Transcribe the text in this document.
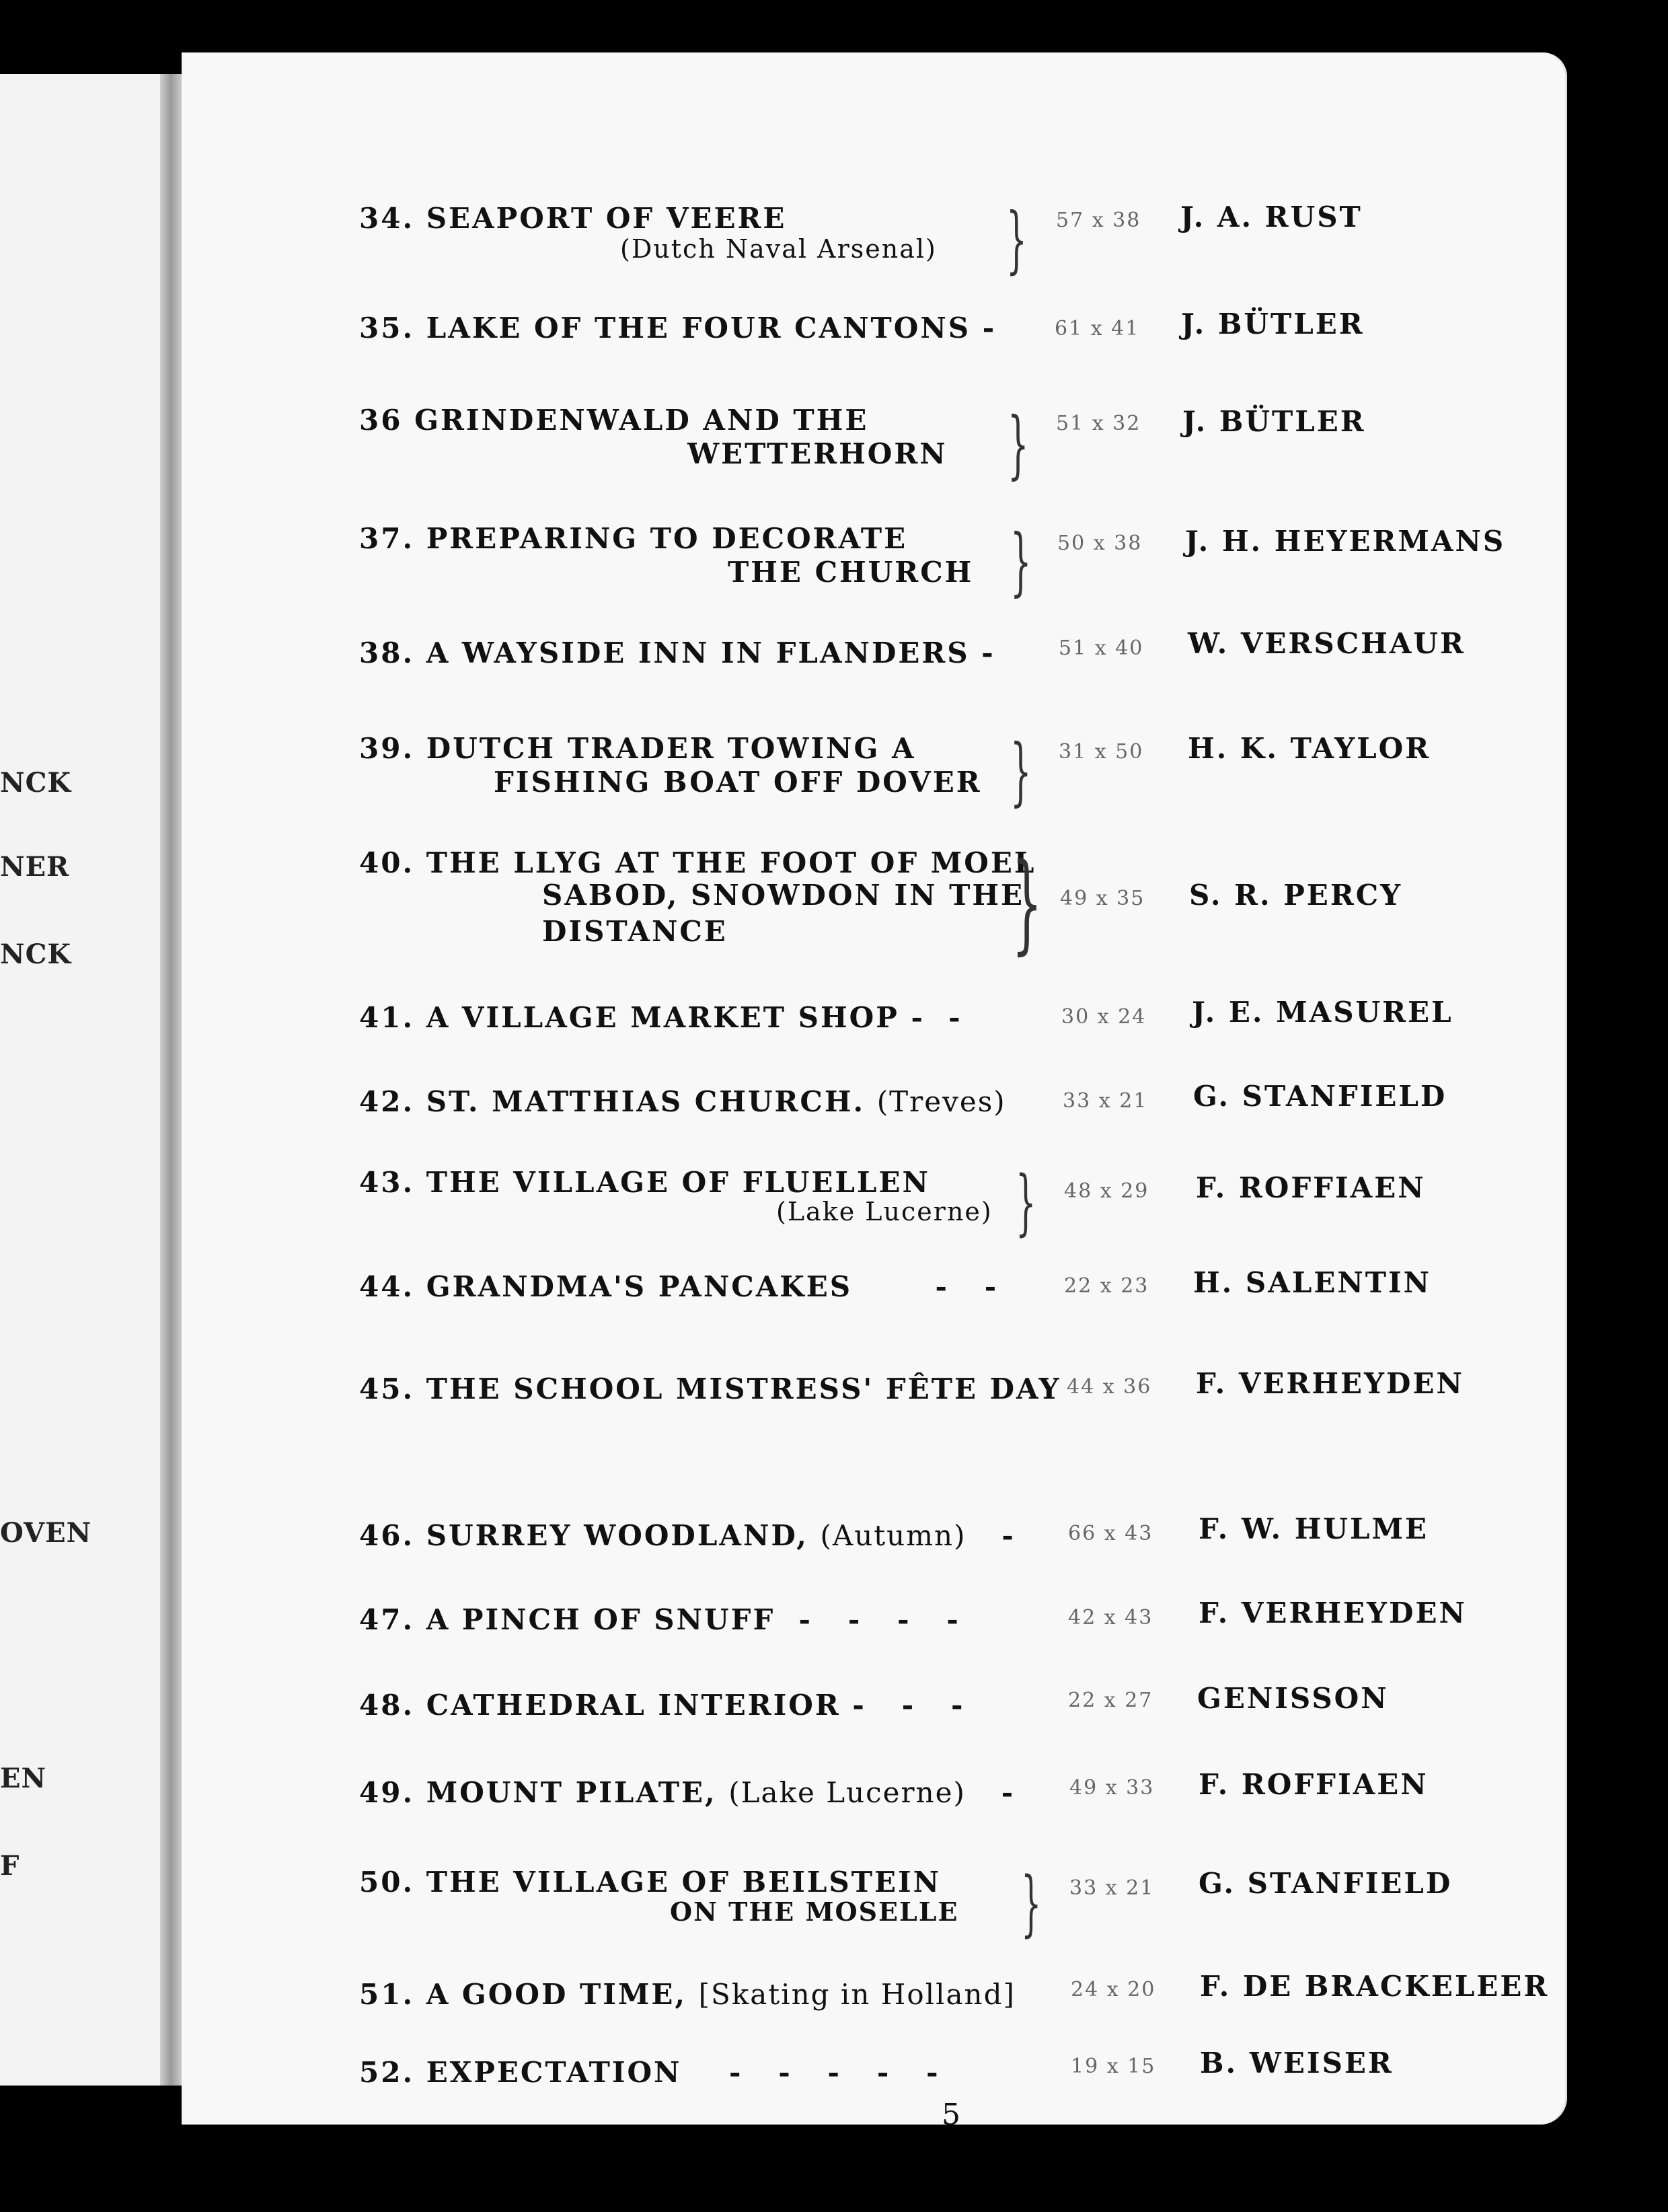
NCK
NER
NCK
OVEN
EN
F
34. SEAPORT OF VEERE
(Dutch Naval Arsenal) } 57 x 38 J. A. RUST
35. LAKE OF THE FOUR CANTONS -	61 x 41 J. BÜTLER
36 GRINDENWALD AND THE
WETTERHORN } 51 x 32 J. BÜTLER
37. PREPARING TO DECORATE
THE CHURCH } 50 x 38 J. H. HEYERMANS
38. A WAYSIDE INN IN FLANDERS -	51 x 40 W. VERSCHAUR
39. DUTCH TRADER TOWING A
FISHING BOAT OFF DOVER } 31 x 50 H. K. TAYLOR
40. THE LLYG AT THE FOOT OF MOEL
SABOD, SNOWDON IN THE
DISTANCE	} 49 x 35 S. R. PERCY
41. A VILLAGE MARKET SHOP -  -	30 x 24 J. E. MASUREL
42. ST. MATTHIAS CHURCH. (Treves)	33 x 21 G. STANFIELD
43. THE VILLAGE OF FLUELLEN
(Lake Lucerne) } 48 x 29 F. ROFFIAEN
44. GRANDMA'S PANCAKES       -   -	22 x 23 H. SALENTIN
45. THE SCHOOL MISTRESS' FÊTE DAY 44 x 36 F. VERHEYDEN
46. SURREY WOODLAND, (Autumn)   -	66 x 43 F. W. HULME
47. A PINCH OF SNUFF  -   -   -   -	42 x 43 F. VERHEYDEN
48. CATHEDRAL INTERIOR -   -   -	22 x 27 GENISSON
49. MOUNT PILATE, (Lake Lucerne)   -	49 x 33 F. ROFFIAEN
50. THE VILLAGE OF BEILSTEIN
ON THE MOSELLE } 33 x 21 G. STANFIELD
51. A GOOD TIME, [Skating in Holland]	24 x 20 F. DE BRACKELEER
52. EXPECTATION    -   -   -   -   -	19 x 15 B. WEISER
5
